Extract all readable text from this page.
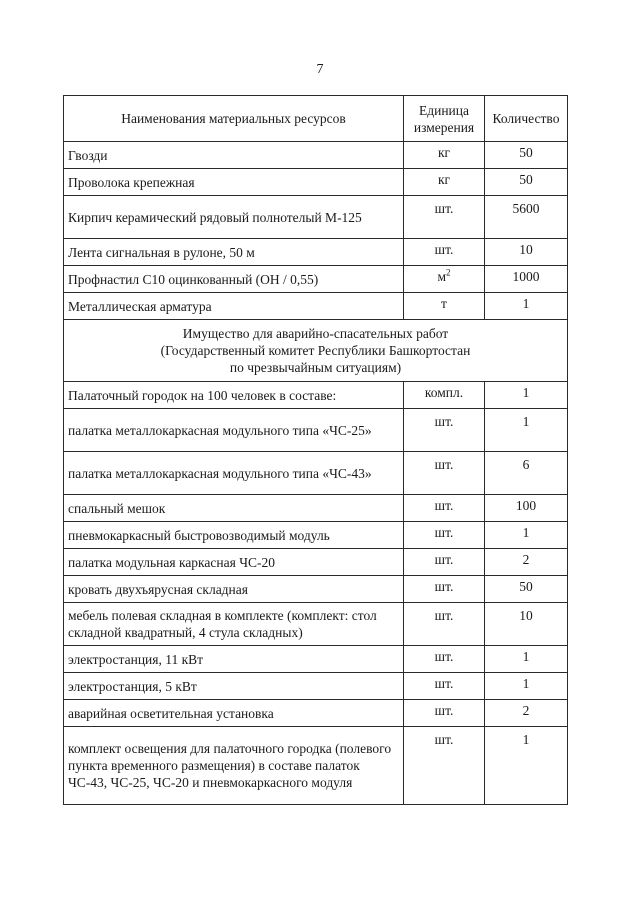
7
Наименования материальных ресурсов	Единица измерения	Количество
Гвозди	кг	50
Проволока крепежная	кг	50
Кирпич керамический рядовый полнотелый М-125	шт.	5600
Лента сигнальная в рулоне, 50 м	шт.	10
Профнастил С10 оцинкованный (ОН / 0,55)	$м^2$	1000
Металлическая арматура	т	1

Имущество для аварийно-спасательных работ
(Государственный комитет Республики Башкортостан
по чрезвычайным ситуациям)		

Палаточный городок на 100 человек в составе:	компл.	1
палатка металлокаркасная модульного типа «ЧС-25»	шт.	1
палатка металлокаркасная модульного типа «ЧС-43»	шт.	6
спальный мешок	шт.	100
пневмокаркасный быстровозводимый модуль	шт.	1
палатка модульная каркасная ЧС-20	шт.	2
кровать двухъярусная складная	шт.	50
мебель полевая складная в комплекте (комплект: стол складной квадратный, 4 стула складных)	шт.	10
электростанция, 11 кВт	шт.	1
электростанция, 5 кВт	шт.	1
аварийная осветительная установка	шт.	2
комплект освещения для палаточного городка (полевого пункта временного размещения) в составе палаток ЧС-43, ЧС-25, ЧС-20 и пневмокаркасного модуля	шт.	1
